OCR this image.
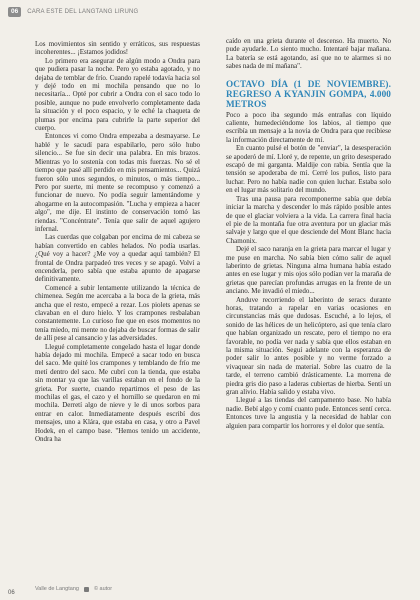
06	CARA ESTE DEL LANGTANG LIRUNG

Los movimientos sin sentido y erráticos, sus respuestas incoherentes... ¡Estamos jodidos!

Lo primero era asegurar de algún modo a Ondra para que pudiera pasar la noche. Pero yo estaba agotado, y no dejaba de temblar de frío. Cuando rapelé todavía hacia sol y dejé todo en mi mochila pensando que no lo necesitaría... Opté por cubrir a Ondra con el saco todo lo posible, aunque no pude envolverlo completamente dada la situación y el poco espacio, y le eché la chaqueta de plumas por encima para cubrirle la parte superior del cuerpo.

Entonces vi como Ondra empezaba a desmayarse. Le hablé y le sacudí para espabilarlo, pero sólo hubo silencio... Se fue sin decir una palabra. En mis brazos. Mientras yo lo sostenía con todas mis fuerzas. No sé el tiempo que pasé allí perdido en mis pensamientos... Quizá fueron sólo unos segundos, o minutos, o más tiempo... Pero por suerte, mi mente se recompuso y comenzó a funcionar de nuevo. No podía seguir lamentándome y ahogarme en la autocompasión. "Lucha y empieza a hacer algo", me dije. El instinto de conservación tomó las riendas. "Concéntrate". Tenía que salir de aquel agujero infernal.

Las cuerdas que colgaban por encima de mi cabeza se habían convertido en cables helados. No podía usarlas. ¿Qué voy a hacer? ¿Me voy a quedar aquí también? El frontal de Ondra parpadeó tres veces y se apagó. Volví a encenderla, pero sabía que estaba apunto de apagarse definitivamente.

Comencé a subir lentamente utilizando la técnica de chimenea. Según me acercaba a la boca de la grieta, más ancha que el resto, empecé a rezar. Los piolets apenas se clavaban en el duro hielo. Y los crampones resbalaban constantemente. Lo curioso fue que en esos momentos no tenía miedo, mi mente no dejaba de buscar formas de salir de allí pese al cansancio y las adversidades.

Llegué completamente congelado hasta el lugar donde había dejado mi mochila. Empecé a sacar todo en busca del saco. Me quité los crampones y temblando de frío me metí dentro del saco. Me cubrí con la tienda, que estaba sin montar ya que las varillas estaban en el fondo de la grieta. Por suerte, cuando repartimos el peso de las mochilas el gas, el cazo y el hornillo se quedaron en mi mochila. Derretí algo de nieve y le di unos sorbos para entrar en calor. Inmediatamente después escribí dos mensajes, uno a Klára, que estaba en casa, y otro a Pavel Hodek, en el campo base. "Hemos tenido un accidente, Ondra ha

caído en una grieta durante el descenso. Ha muerto. No pude ayudarle. Lo siento mucho. Intentaré bajar mañana. La batería se está agotando, así que no te alarmes si no sabes nada de mí mañana".

OCTAVO DÍA (1 DE NOVIEMBRE). REGRESO A KYANJIN GOMPA, 4.000 METROS

Poco a poco iba segundo más entrañas con líquido caliente, humedeciéndome los labios, al tiempo que escribía un mensaje a la novia de Ondra para que recibiese la información directamente de mí.

En cuanto pulsé el botón de "enviar", la desesperación se apoderó de mí. Lloré y, de repente, un grito desesperado escapó de mi garganta. Maldije con rabia. Sentía que la tensión se apoderaba de mí. Cerré los puños, listo para luchar. Pero no había nadie con quien luchar. Estaba solo en el lugar más solitario del mundo.

Tras una pausa para recomponerme sabía que debía iniciar la marcha y descender lo más rápido posible antes de que el glaciar volviera a la vida. La carrera final hacia el pie de la montaña fue otra aventura por un glaciar más salvaje y largo que el que desciende del Mont Blanc hacia Chamonix.

Dejé el saco naranja en la grieta para marcar el lugar y me puse en marcha. No sabía bien cómo salir de aquel laberinto de grietas. Ninguna alma humana había estado antes en ese lugar y mis ojos sólo podían ver la maraña de grietas que parecían profundas arrugas en la frente de un anciano. Me invadió el miedo...

Anduve recorriendo el laberinto de seracs durante horas, tratando a rapelar en varias ocasiones en circunstancias más que dudosas. Escuché, a lo lejos, el sonido de las hélices de un helicóptero, así que tenía claro que habían organizado un rescate, pero el tiempo no era favorable, no podía ver nada y sabía que ellos estaban en la misma situación. Seguí adelante con la esperanza de poder salir lo antes posible y no verme forzado a vivaquear sin nada de material. Sobre las cuatro de la tarde, el terreno cambió drásticamente. La morrena de piedra gris dio paso a laderas cubiertas de hierba. Sentí un gran alivio. Había salido y estaba vivo.

Llegué a las tiendas del campamento base. No había nadie. Bebí algo y comí cuanto pude. Entonces sentí cerca. Entonces tuve la angustia y la necesidad de hablar con alguien para compartir los horrores y el dolor que sentía.

Valle de Langtang	© autor
06
